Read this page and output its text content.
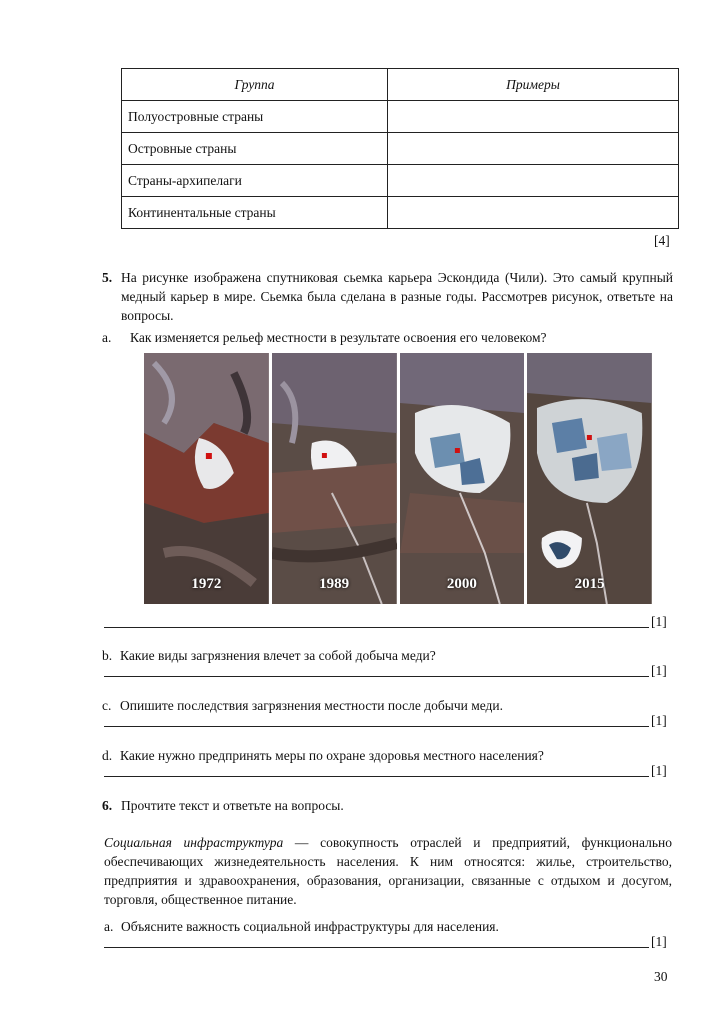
Группа	Примеры
Полуостровные страны	
Островные страны	
Страны-архипелаги	
Континентальные страны	
[4]
5. На рисунке изображена спутниковая сьемка карьера Эскондида (Чили). Это самый крупный медный карьер в мире. Сьемка была сделана в разные годы. Рассмотрев рисунок, ответьте на вопросы.
a. Как изменяется рельеф местности в результате освоения его человеком?
1972	1989	2000	2015
[1]
b. Какие виды загрязнения влечет за собой добыча меди?
[1]
c. Опишите последствия загрязнения местности после добычи меди.
[1]
d. Какие нужно предпринять меры по охране здоровья местного населения?
[1]
6. Прочтите текст и ответьте на вопросы.
Социальная инфраструктура — совокупность отраслей и предприятий, функционально обеспечивающих жизнедеятельность населения. К ним относятся: жилье, строительство, предприятия и здравоохранения, образования, организации, связанные с отдыхом и досугом, торговля, общественное питание.
a. Объясните важность социальной инфраструктуры для населения.
[1]
30
